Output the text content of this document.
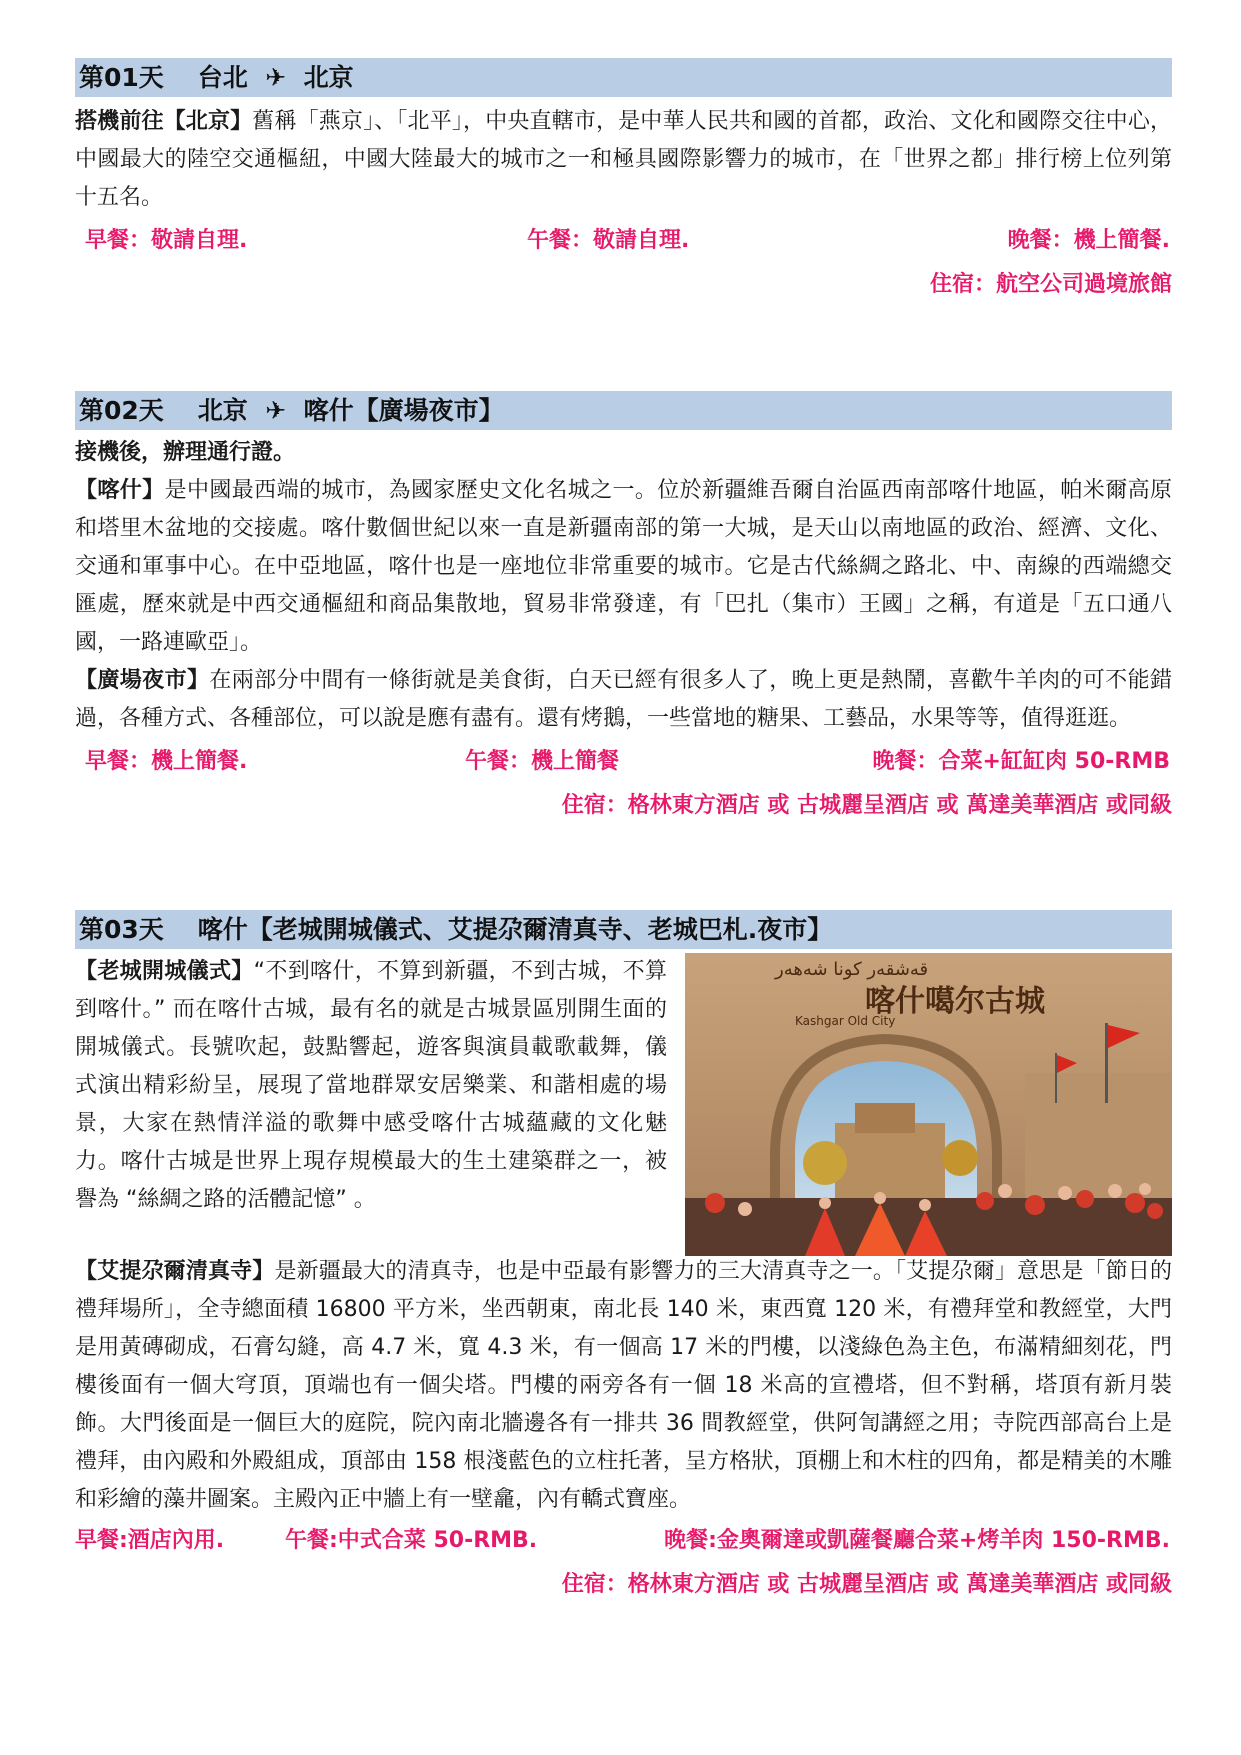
第01天 台北 ✈ 北京

搭機前往【北京】舊稱「燕京」、「北平」，中央直轄市，是中華人民共和國的首都，政治、文化和國際交往中心，中國最大的陸空交通樞紐，中國大陸最大的城市之一和極具國際影響力的城市，在「世界之都」排行榜上位列第十五名。

早餐：敬請自理.	午餐：敬請自理.	晚餐：機上簡餐.
住宿：航空公司過境旅館
第02天 北京 ✈ 喀什【廣場夜市】

接機後，辦理通行證。

【喀什】是中國最西端的城市，為國家歷史文化名城之一。位於新疆維吾爾自治區西南部喀什地區，帕米爾高原和塔里木盆地的交接處。喀什數個世紀以來一直是新疆南部的第一大城，是天山以南地區的政治、經濟、文化、交通和軍事中心。在中亞地區，喀什也是一座地位非常重要的城市。它是古代絲綢之路北、中、南線的西端總交匯處，歷來就是中西交通樞紐和商品集散地，貿易非常發達，有「巴扎（集市）王國」之稱，有道是「五口通八國，一路連歐亞」。

【廣場夜市】在兩部分中間有一條街就是美食街，白天已經有很多人了，晚上更是熱鬧，喜歡牛羊肉的可不能錯過，各種方式、各種部位，可以說是應有盡有。還有烤鵝，一些當地的糖果、工藝品，水果等等，值得逛逛。

早餐：機上簡餐.	午餐：機上簡餐	晚餐：合菜+缸缸肉 50-RMB
住宿：格林東方酒店 或 古城麗呈酒店 或 萬達美華酒店 或同級
第03天 喀什【老城開城儀式、艾提尕爾清真寺、老城巴札.夜市】

【老城開城儀式】“不到喀什，不算到新疆，不到古城，不算到喀什。” 而在喀什古城，最有名的就是古城景區別開生面的開城儀式。長號吹起，鼓點響起，遊客與演員載歌載舞，儀式演出精彩紛呈，展現了當地群眾安居樂業、和諧相處的場景，大家在熱情洋溢的歌舞中感受喀什古城蘊藏的文化魅力。喀什古城是世界上現存規模最大的生土建築群之一，被譽為 “絲綢之路的活體記憶” 。

喀什噶尔古城
Kashgar Old City
قەشقەر كونا شەھەر

【艾提尕爾清真寺】是新疆最大的清真寺，也是中亞最有影響力的三大清真寺之一。「艾提尕爾」意思是「節日的禮拜場所」，全寺總面積 16800 平方米，坐西朝東，南北長 140 米，東西寬 120 米，有禮拜堂和教經堂，大門是用黃磚砌成，石膏勾縫，高 4.7 米，寬 4.3 米，有一個高 17 米的門樓，以淺綠色為主色，布滿精細刻花，門樓後面有一個大穹頂，頂端也有一個尖塔。門樓的兩旁各有一個 18 米高的宣禮塔，但不對稱，塔頂有新月裝飾。大門後面是一個巨大的庭院，院內南北牆邊各有一排共 36 間教經堂，供阿訇講經之用；寺院西部高台上是禮拜，由內殿和外殿組成，頂部由 158 根淺藍色的立柱托著，呈方格狀，頂棚上和木柱的四角，都是精美的木雕和彩繪的藻井圖案。主殿內正中牆上有一壁龕，內有轎式寶座。

早餐:酒店內用.	午餐:中式合菜 50-RMB.	晚餐:金奧爾達或凱薩餐廳合菜+烤羊肉 150-RMB.
住宿：格林東方酒店 或 古城麗呈酒店 或 萬達美華酒店 或同級
